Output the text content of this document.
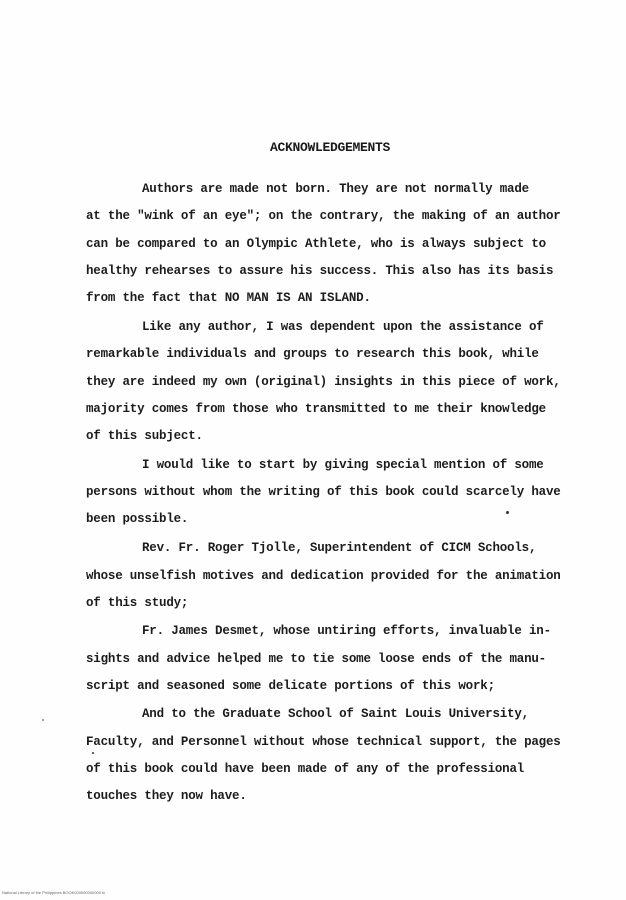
ACKNOWLEDGEMENTS
Authors are made not born. They are not normally made
at the "wink of an eye"; on the contrary, the making of an author
can be compared to an Olympic Athlete, who is always subject to
healthy rehearses to assure his success. This also has its basis
from the fact that NO MAN IS AN ISLAND.
Like any author, I was dependent upon the assistance of
remarkable individuals and groups to research this book, while
they are indeed my own (original) insights in this piece of work,
majority comes from those who transmitted to me their knowledge
of this subject.
I would like to start by giving special mention of some
persons without whom the writing of this book could scarcely have
been possible.
Rev. Fr. Roger Tjolle, Superintendent of CICM Schools,
whose unselfish motives and dedication provided for the animation
of this study;
Fr. James Desmet, whose untiring efforts, invaluable in-
sights and advice helped me to tie some loose ends of the manu-
script and seasoned some delicate portions of this work;
And to the Graduate School of Saint Louis University,
Faculty, and Personnel without whose technical support, the pages
of this book could have been made of any of the professional
touches they now have.
National Library of the Philippines BOOK000000000000 iii
